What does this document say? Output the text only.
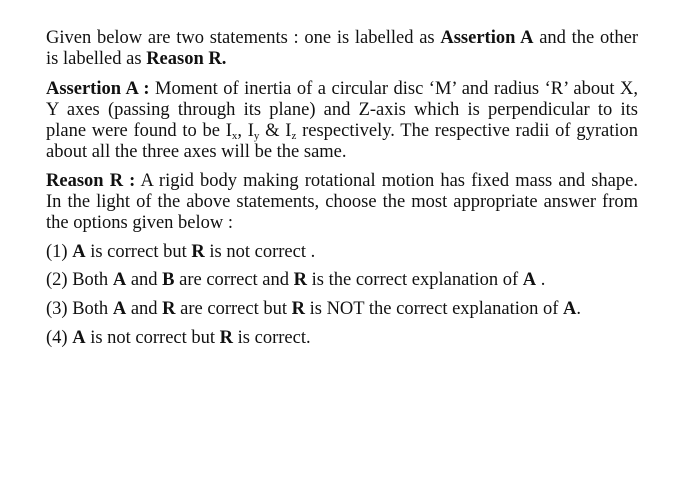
Given below are two statements : one is labelled as Assertion A and the other is labelled as Reason R.

Assertion A : Moment of inertia of a circular disc ‘M’ and radius ‘R’ about X, Y axes (passing through its plane) and Z-axis which is perpendicular to its plane were found to be $I_x$, $I_y$ & $I_z$ respectively. The respective radii of gyration about all the three axes will be the same.

Reason R : A rigid body making rotational motion has fixed mass and shape. In the light of the above statements, choose the most appropriate answer from the options given below :

(1) A is correct but R is not correct .

(2) Both A and B are correct and R is the correct explanation of A .

(3) Both A and R are correct but R is NOT the correct explanation of A.

(4) A is not correct but R is correct.
